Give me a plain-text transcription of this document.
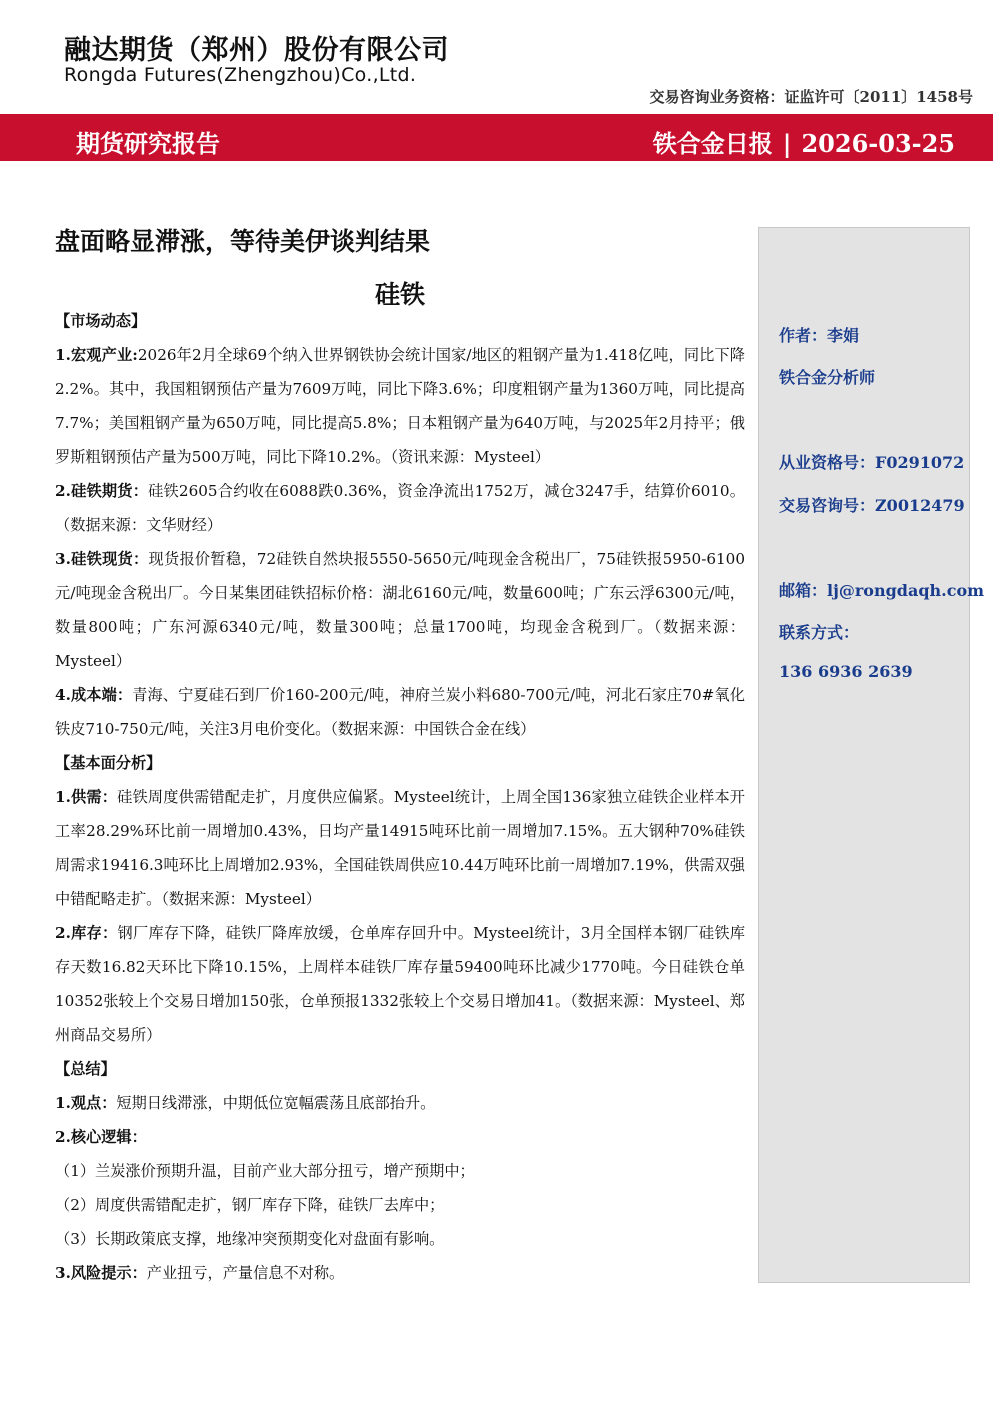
融达期货（郑州）股份有限公司
Rongda Futures(Zhengzhou)Co.,Ltd.
交易咨询业务资格：证监许可〔2011〕1458号
期货研究报告	铁合金日报 | 2026-03-25
盘面略显滞涨，等待美伊谈判结果
硅铁
作者：李娟
铁合金分析师
从业资格号：F0291072
交易咨询号：Z0012479
邮箱：lj@rongdaqh.com
联系方式：
136 6936 2639
【市场动态】
1.宏观产业:2026年2月全球69个纳入世界钢铁协会统计国家/地区的粗钢产量为1.418亿吨，同比下降2.2%。其中，我国粗钢预估产量为7609万吨，同比下降3.6%；印度粗钢产量为1360万吨，同比提高7.7%；美国粗钢产量为650万吨，同比提高5.8%；日本粗钢产量为640万吨，与2025年2月持平；俄罗斯粗钢预估产量为500万吨，同比下降10.2%。（资讯来源：Mysteel）
2.硅铁期货：硅铁2605合约收在6088跌0.36%，资金净流出1752万，减仓3247手，结算价6010。（数据来源：文华财经）
3.硅铁现货：现货报价暂稳，72硅铁自然块报5550-5650元/吨现金含税出厂，75硅铁报5950-6100元/吨现金含税出厂。今日某集团硅铁招标价格：湖北6160元/吨，数量600吨；广东云浮6300元/吨，数量800吨；广东河源6340元/吨，数量300吨；总量1700吨，均现金含税到厂。（数据来源：Mysteel）
4.成本端：青海、宁夏硅石到厂价160-200元/吨，神府兰炭小料680-700元/吨，河北石家庄70#氧化铁皮710-750元/吨，关注3月电价变化。（数据来源：中国铁合金在线）
【基本面分析】
1.供需：硅铁周度供需错配走扩，月度供应偏紧。Mysteel统计，上周全国136家独立硅铁企业样本开工率28.29%环比前一周增加0.43%，日均产量14915吨环比前一周增加7.15%。五大钢种70%硅铁周需求19416.3吨环比上周增加2.93%，全国硅铁周供应10.44万吨环比前一周增加7.19%，供需双强中错配略走扩。（数据来源：Mysteel）
2.库存：钢厂库存下降，硅铁厂降库放缓，仓单库存回升中。Mysteel统计，3月全国样本钢厂硅铁库存天数16.82天环比下降10.15%，上周样本硅铁厂库存量59400吨环比减少1770吨。今日硅铁仓单10352张较上个交易日增加150张，仓单预报1332张较上个交易日增加41。（数据来源：Mysteel、郑州商品交易所）
【总结】
1.观点：短期日线滞涨，中期低位宽幅震荡且底部抬升。
2.核心逻辑：
（1）兰炭涨价预期升温，目前产业大部分扭亏，增产预期中；
（2）周度供需错配走扩，钢厂库存下降，硅铁厂去库中；
（3）长期政策底支撑，地缘冲突预期变化对盘面有影响。
3.风险提示：产业扭亏，产量信息不对称。
